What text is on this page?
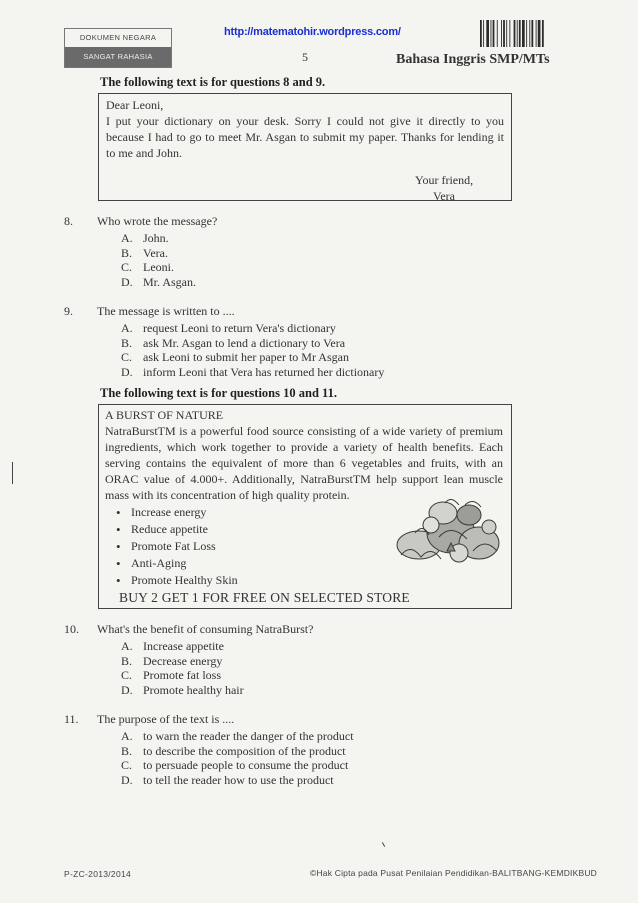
DOKUMEN NEGARA
SANGAT RAHASIA
http://matematohir.wordpress.com/
5	Bahasa Inggris SMP/MTs
The following text is for questions 8 and 9.

Dear Leoni,

I put your dictionary on your desk. Sorry I could not give it directly to you because I had to go to meet Mr. Asgan to submit my paper. Thanks for lending it to me and John.

Your friend,
Vera
8.	Who wrote the message?
A. John.
B. Vera.
C. Leoni.
D. Mr. Asgan.
9.	The message is written to ....
A. request Leoni to return Vera's dictionary
B. ask Mr. Asgan to lend a dictionary to Vera
C. ask Leoni to submit her paper to Mr Asgan
D. inform Leoni that Vera has returned her dictionary
The following text is for questions 10 and 11.
A BURST OF NATURE

NatraBurstTM is a powerful food source consisting of a wide variety of premium ingredients, which work together to provide a variety of health benefits. Each serving contains the equivalent of more than 6 vegetables and fruits, with an ORAC value of 4.000+. Additionally, NatraBurstTM help support lean muscle mass with its concentration of high quality protein.

• Increase energy
• Reduce appetite
• Promote Fat Loss
• Anti-Aging
• Promote Healthy Skin
BUY 2 GET 1 FOR FREE ON SELECTED STORE
10.	What's the benefit of consuming NatraBurst?
A. Increase appetite
B. Decrease energy
C. Promote fat loss
D. Promote healthy hair
11.	The purpose of the text is ....
A. to warn the reader the danger of the product
B. to describe the composition of the product
C. to persuade people to consume the product
D. to tell the reader how to use the product
P-ZC-2013/2014	©Hak Cipta pada Pusat Penilaian Pendidikan-BALITBANG-KEMDIKBUD
